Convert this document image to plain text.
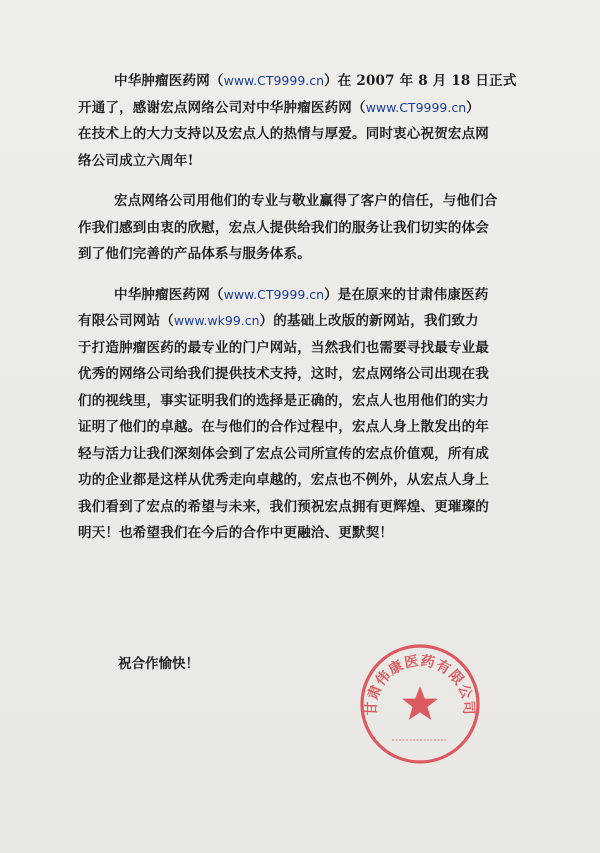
中华肿瘤医药网（www.CT9999.cn）在 2007 年 8 月 18 日正式
开通了，感谢宏点网络公司对中华肿瘤医药网（www.CT9999.cn）
在技术上的大力支持以及宏点人的热情与厚爱。同时衷心祝贺宏点网
络公司成立六周年!
宏点网络公司用他们的专业与敬业赢得了客户的信任，与他们合
作我们感到由衷的欣慰，宏点人提供给我们的服务让我们切实的体会
到了他们完善的产品体系与服务体系。
中华肿瘤医药网（www.CT9999.cn）是在原来的甘肃伟康医药
有限公司网站（www.wk99.cn）的基础上改版的新网站，我们致力
于打造肿瘤医药的最专业的门户网站，当然我们也需要寻找最专业最
优秀的网络公司给我们提供技术支持，这时，宏点网络公司出现在我
们的视线里，事实证明我们的选择是正确的，宏点人也用他们的实力
证明了他们的卓越。在与他们的合作过程中，宏点人身上散发出的年
轻与活力让我们深刻体会到了宏点公司所宣传的宏点价值观，所有成
功的企业都是这样从优秀走向卓越的，宏点也不例外，从宏点人身上
我们看到了宏点的希望与未来，我们预祝宏点拥有更辉煌、更璀璨的
明天！也希望我们在今后的合作中更融洽、更默契！
祝合作愉快！
甘肃伟康医药有限公司
